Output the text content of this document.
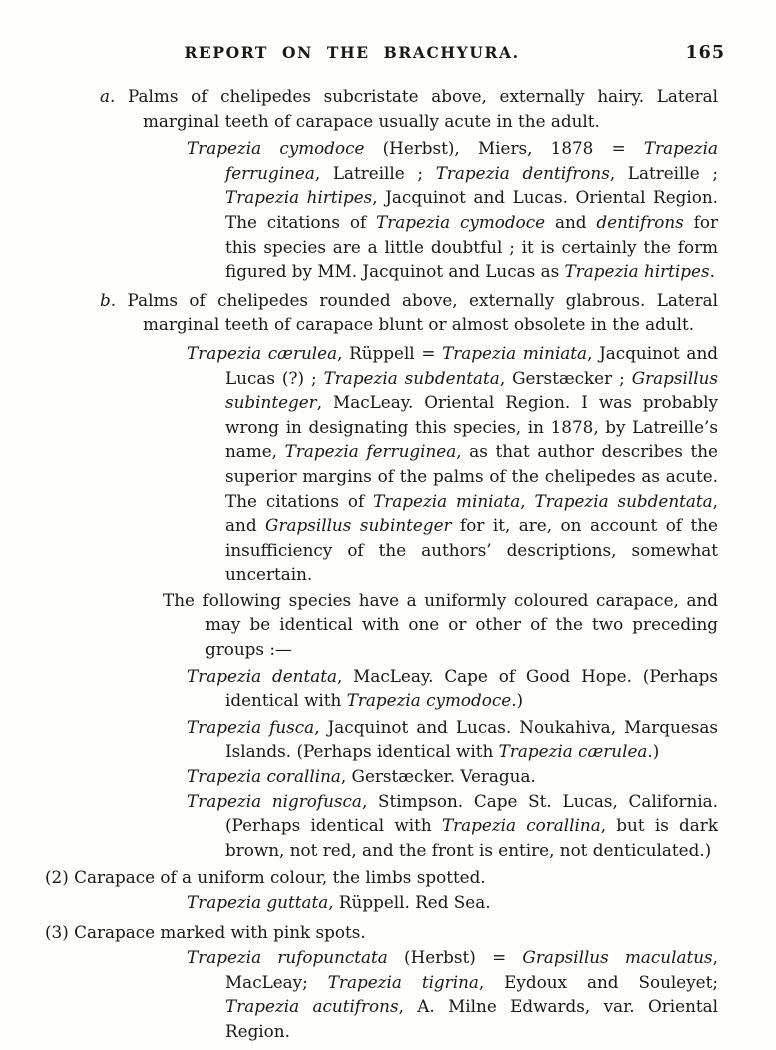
REPORT ON THE BRACHYURA.	165

a. Palms of chelipedes subcristate above, externally hairy. Lateral marginal teeth of carapace usually acute in the adult.

Trapezia cymodoce (Herbst), Miers, 1878 = Trapezia ferruginea, Latreille ; Trapezia dentifrons, Latreille ; Trapezia hirtipes, Jacquinot and Lucas. Oriental Region. The citations of Trapezia cymodoce and dentifrons for this species are a little doubtful ; it is certainly the form figured by MM. Jacquinot and Lucas as Trapezia hirtipes.

b. Palms of chelipedes rounded above, externally glabrous. Lateral marginal teeth of carapace blunt or almost obsolete in the adult.

Trapezia cærulea, Rüppell = Trapezia miniata, Jacquinot and Lucas (?) ; Trapezia subdentata, Gerstæcker ; Grapsillus subinteger, MacLeay. Oriental Region. I was probably wrong in designating this species, in 1878, by Latreille’s name, Trapezia ferruginea, as that author describes the superior margins of the palms of the chelipedes as acute. The citations of Trapezia miniata, Trapezia subdentata, and Grapsillus subinteger for it, are, on account of the insufficiency of the authors’ descriptions, somewhat uncertain.

The following species have a uniformly coloured carapace, and may be identical with one or other of the two preceding groups :—

Trapezia dentata, MacLeay. Cape of Good Hope. (Perhaps identical with Trapezia cymodoce.)

Trapezia fusca, Jacquinot and Lucas. Noukahiva, Marquesas Islands. (Perhaps identical with Trapezia cærulea.)

Trapezia corallina, Gerstæcker. Veragua.

Trapezia nigrofusca, Stimpson. Cape St. Lucas, California. (Perhaps identical with Trapezia corallina, but is dark brown, not red, and the front is entire, not denticulated.)

(2) Carapace of a uniform colour, the limbs spotted.

Trapezia guttata, Rüppell. Red Sea.

(3) Carapace marked with pink spots.

Trapezia rufopunctata (Herbst) = Grapsillus maculatus, MacLeay; Trapezia tigrina, Eydoux and Souleyet; Trapezia acutifrons, A. Milne Edwards, var. Oriental Region.
